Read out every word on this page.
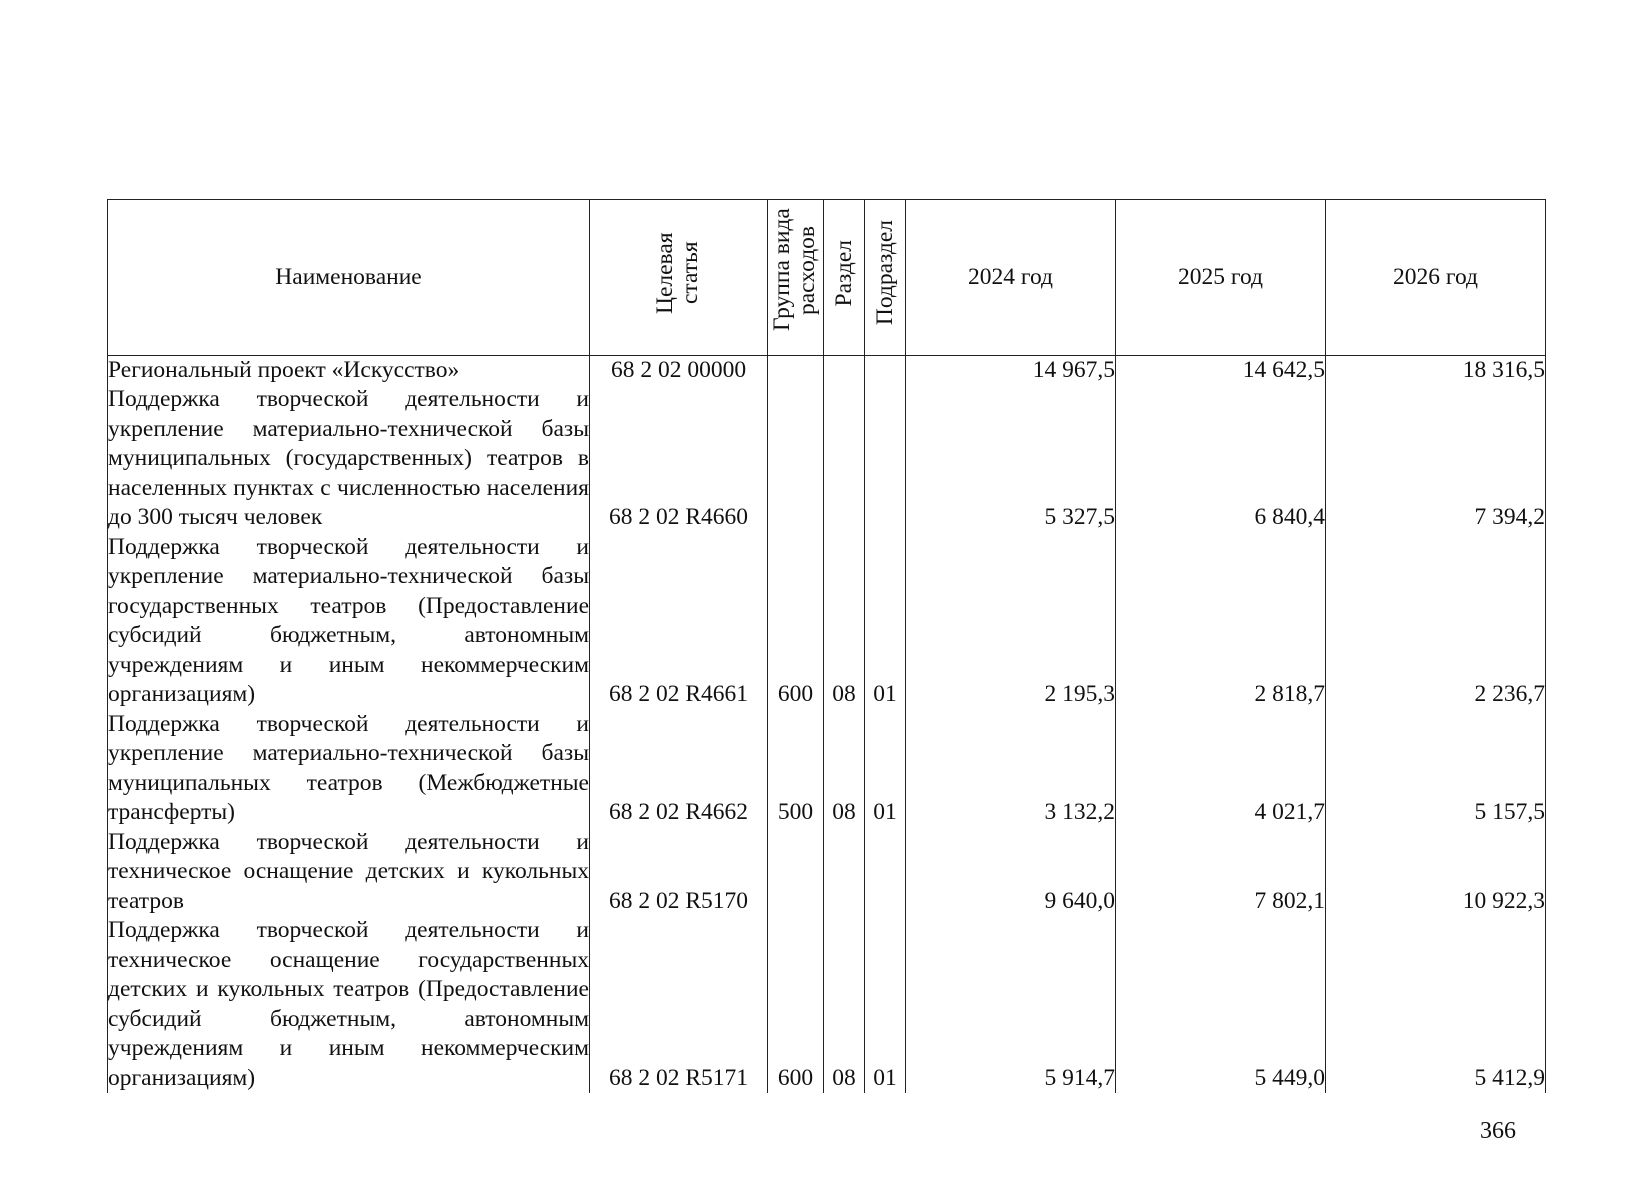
Наименование	Целевая статья	Группа вида расходов	Раздел	Подраздел	2024 год	2025 год	2026 год
Региональный проект «Искусство»	68 2 02 00000				14 967,5	14 642,5	18 316,5
Поддержка творческой деятельности и укрепление материально-технической базы муниципальных (государственных) театров в населенных пунктах с численностью населения до 300 тысяч человек	68 2 02 R4660				5 327,5	6 840,4	7 394,2
Поддержка творческой деятельности и укрепление материально-технической базы государственных театров (Предоставление субсидий бюджетным, автономным учреждениям и иным некоммерческим организациям)	68 2 02 R4661	600	08	01	2 195,3	2 818,7	2 236,7
Поддержка творческой деятельности и укрепление материально-технической базы муниципальных театров (Межбюджетные трансферты)	68 2 02 R4662	500	08	01	3 132,2	4 021,7	5 157,5
Поддержка творческой деятельности и техническое оснащение детских и кукольных театров	68 2 02 R5170				9 640,0	7 802,1	10 922,3
Поддержка творческой деятельности и техническое оснащение государственных детских и кукольных театров (Предоставление субсидий бюджетным, автономным учреждениям и иным некоммерческим организациям)	68 2 02 R5171	600	08	01	5 914,7	5 449,0	5 412,9
366
